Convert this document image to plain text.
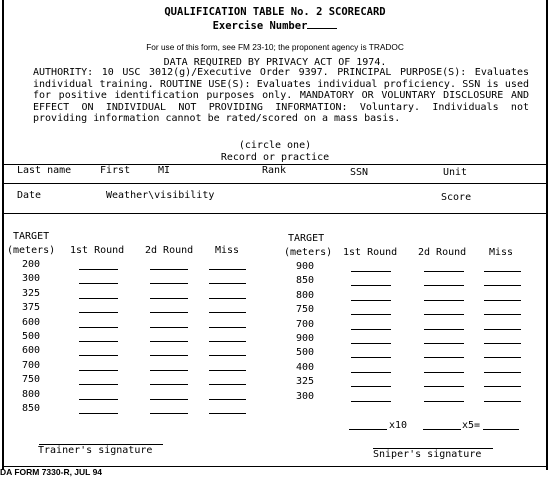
QUALIFICATION TABLE No. 2 SCORECARD
Exercise Number
For use of this form, see FM 23-10; the proponent agency is TRADOC
DATA REQUIRED BY PRIVACY ACT OF 1974.
AUTHORITY: 10 USC 3012(g)/Executive Order 9397. PRINCIPAL PURPOSE(S): Evaluates individual training. ROUTINE USE(S): Evaluates individual proficiency. SSN is used for positive identification purposes only. MANDATORY OR VOLUNTARY DISCLOSURE AND EFFECT ON INDIVIDUAL NOT PROVIDING INFORMATION: Voluntary. Individuals not providing information cannot be rated/scored on a mass basis.
(circle one)
Record or practice
Last name	First	MI	Rank	SSN	Unit
Date	Weather\visibility	Score
TARGET
(meters) 1st Round 2d Round Miss
200
300
325
375
600
500
600
700
750
800
850
TARGET
(meters) 1st Round 2d Round Miss
900
850
800
750
700
900
500
400
325
300
x10	x5=
Trainer's signature	Sniper's signature
DA FORM 7330-R, JUL 94
